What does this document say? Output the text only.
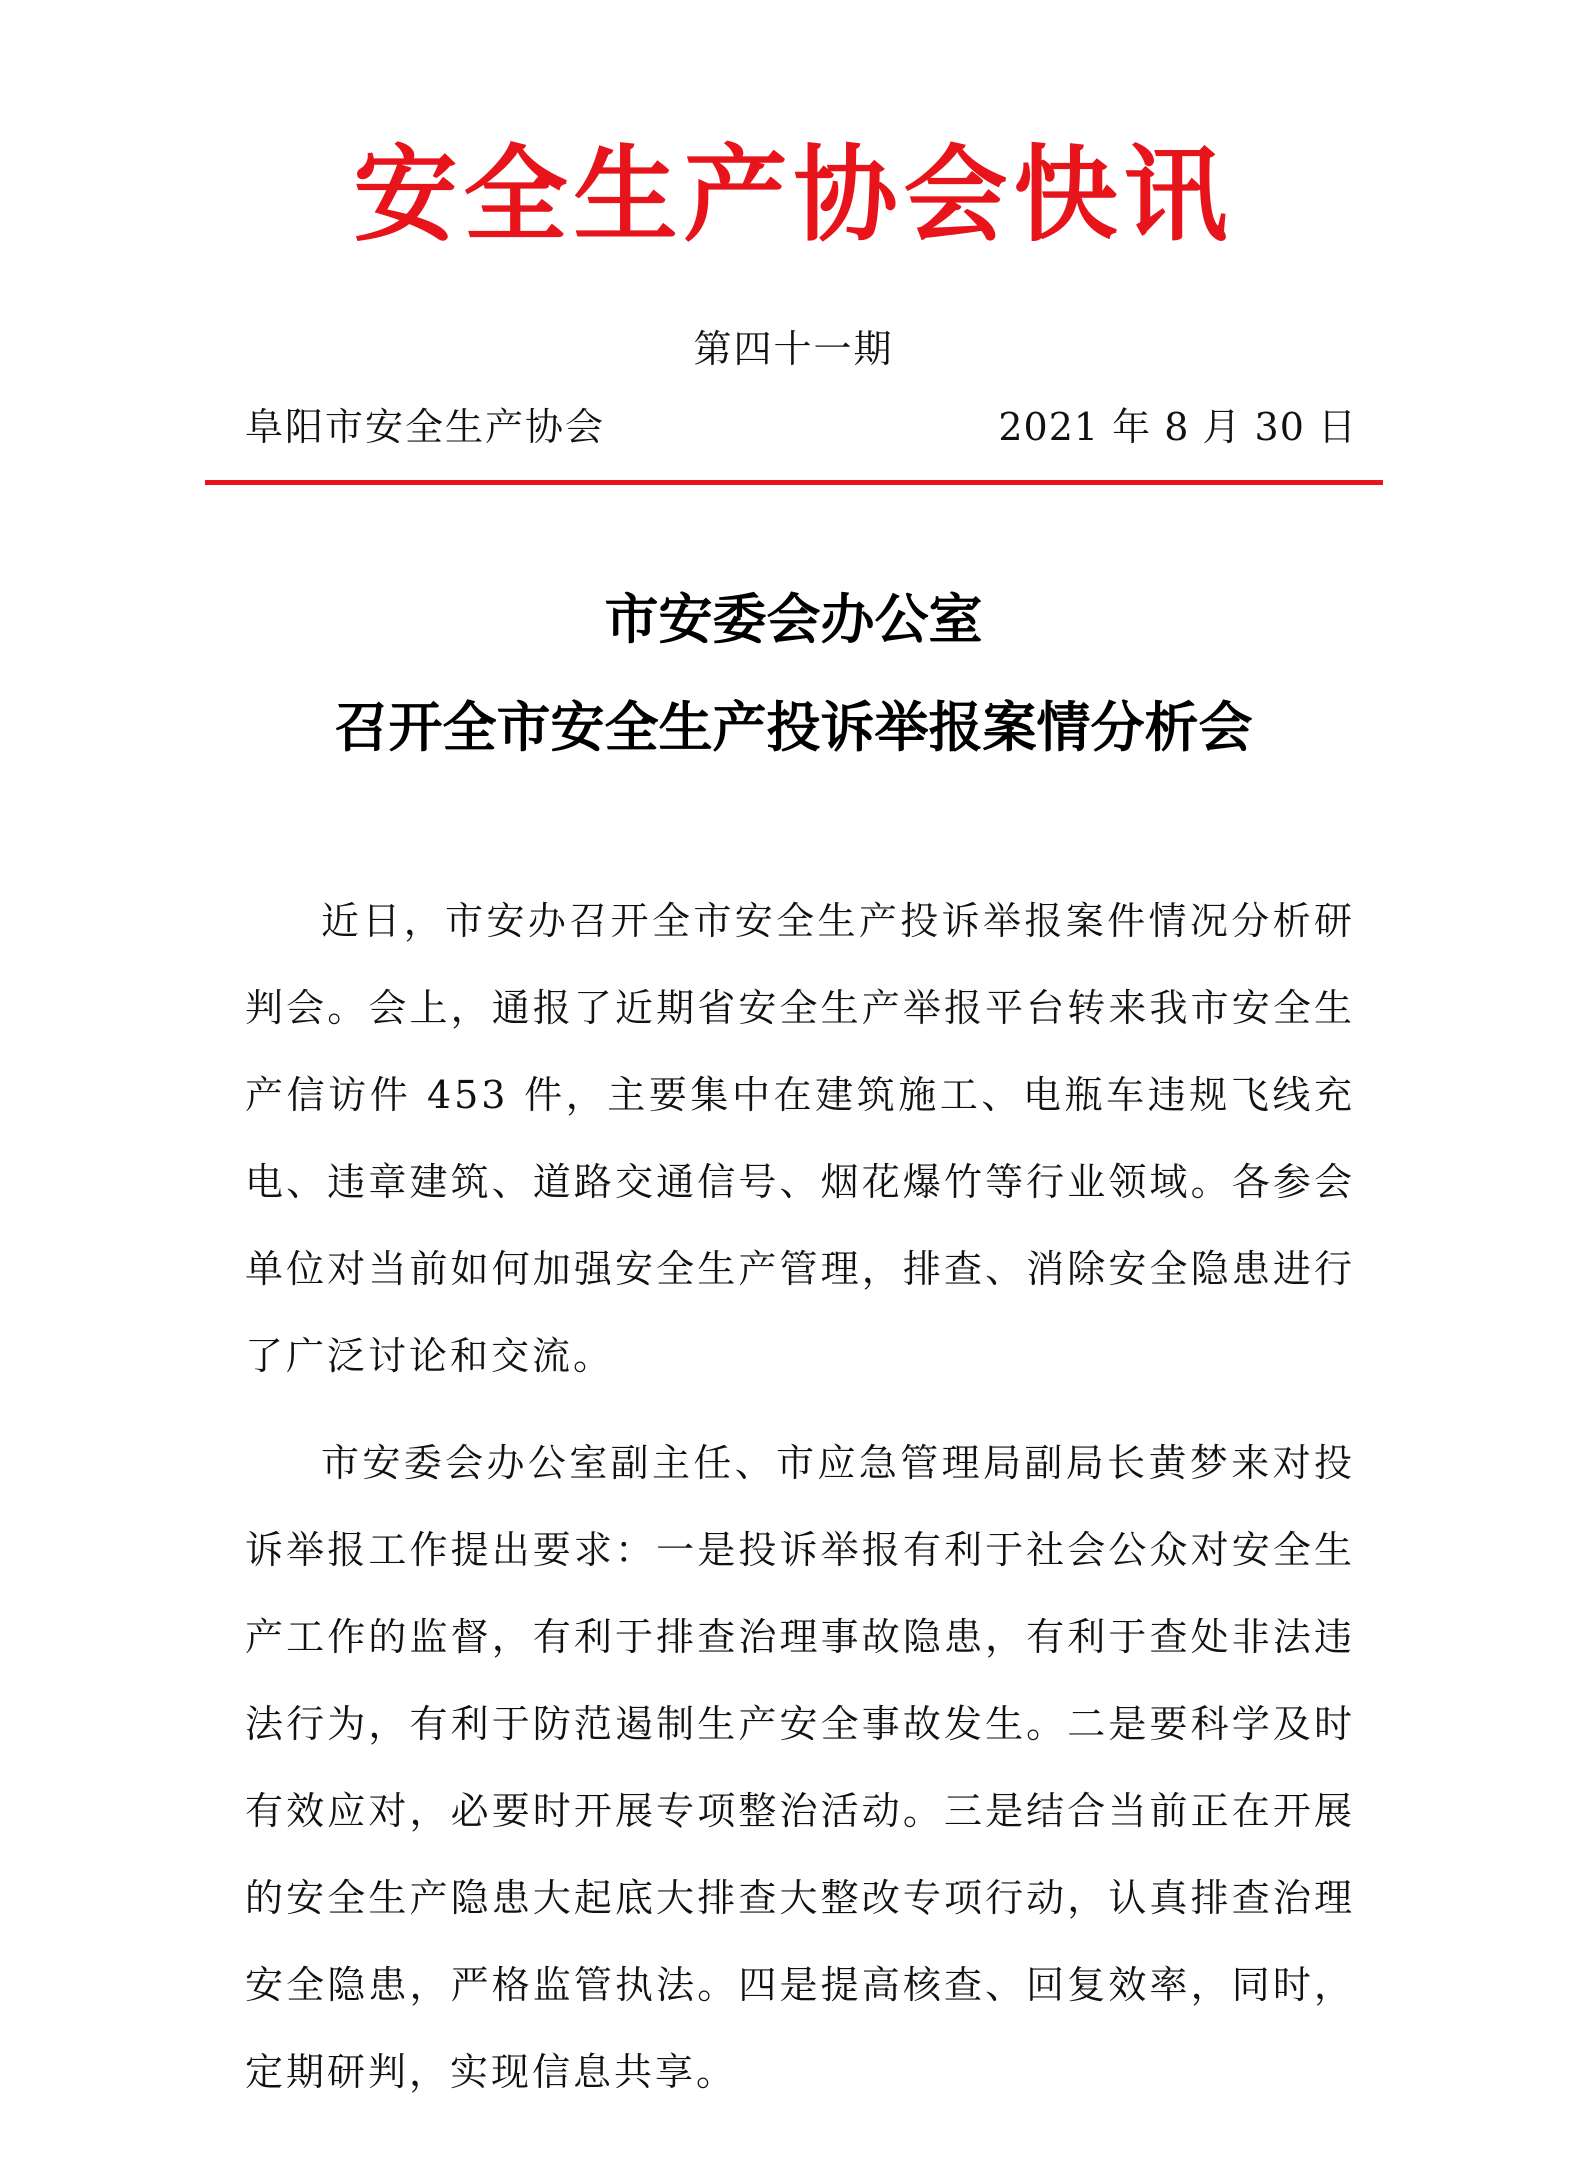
安全生产协会快讯
第四十一期
阜阳市安全生产协会	2021 年 8 月 30 日
市安委会办公室
召开全市安全生产投诉举报案情分析会

近日，市安办召开全市安全生产投诉举报案件情况分析研判会。会上，通报了近期省安全生产举报平台转来我市安全生产信访件 453 件，主要集中在建筑施工、电瓶车违规飞线充电、违章建筑、道路交通信号、烟花爆竹等行业领域。各参会单位对当前如何加强安全生产管理，排查、消除安全隐患进行了广泛讨论和交流。

市安委会办公室副主任、市应急管理局副局长黄梦来对投诉举报工作提出要求：一是投诉举报有利于社会公众对安全生产工作的监督，有利于排查治理事故隐患，有利于查处非法违法行为，有利于防范遏制生产安全事故发生。二是要科学及时有效应对，必要时开展专项整治活动。三是结合当前正在开展的安全生产隐患大起底大排查大整改专项行动，认真排查治理安全隐患，严格监管执法。四是提高核查、回复效率，同时，定期研判，实现信息共享。
